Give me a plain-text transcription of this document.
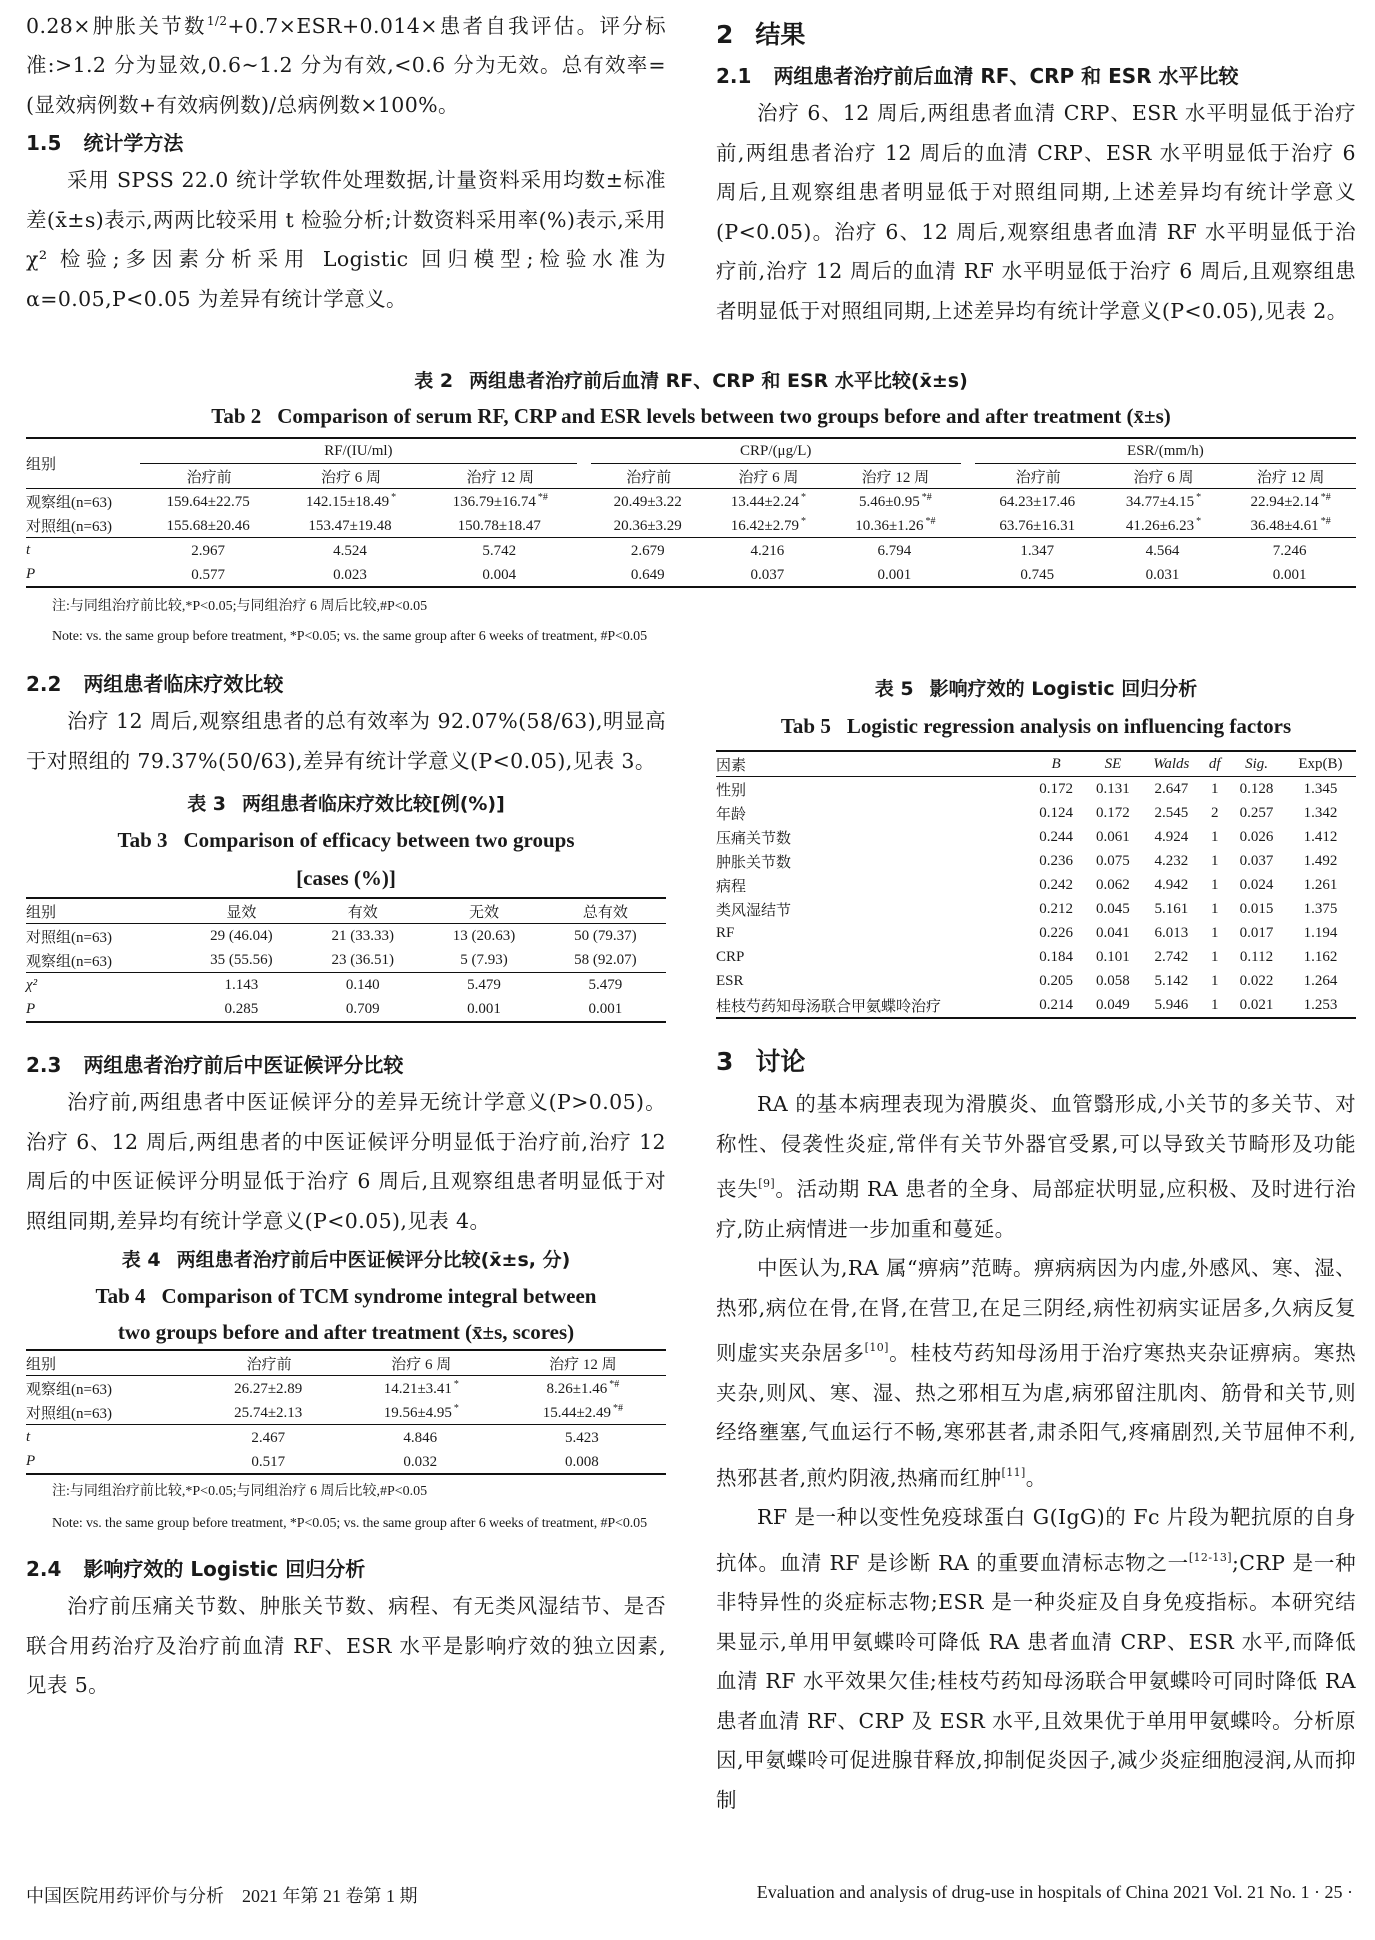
0.28×肿胀关节数$^{1/2}$+0.7×ESR+0.014×患者自我评估。评分标准:>1.2 分为显效,0.6~1.2 分为有效,<0.6 分为无效。总有效率=(显效病例数+有效病例数)/总病例数×100%。

1.5 统计学方法

采用 SPSS 22.0 统计学软件处理数据,计量资料采用均数±标准差(x̄±s)表示,两两比较采用 t 检验分析;计数资料采用率(%)表示,采用 χ² 检验;多因素分析采用 Logistic 回归模型;检验水准为 α=0.05,P<0.05 为差异有统计学意义。

2 结果
2.1 两组患者治疗前后血清 RF、CRP 和 ESR 水平比较

治疗 6、12 周后,两组患者血清 CRP、ESR 水平明显低于治疗前,两组患者治疗 12 周后的血清 CRP、ESR 水平明显低于治疗 6 周后,且观察组患者明显低于对照组同期,上述差异均有统计学意义(P<0.05)。治疗 6、12 周后,观察组患者血清 RF 水平明显低于治疗前,治疗 12 周后的血清 RF 水平明显低于治疗 6 周后,且观察组患者明显低于对照组同期,上述差异均有统计学意义(P<0.05),见表 2。

表 2 两组患者治疗前后血清 RF、CRP 和 ESR 水平比较(x̄±s)

Tab 2 Comparison of serum RF, CRP and ESR levels between two groups before and after treatment (x̄±s)

组别	RF/(IU/ml)				CRP/(μg/L)				ESR/(mm/h)		
	治疗前	治疗 6 周	治疗 12 周		治疗前	治疗 6 周	治疗 12 周		治疗前	治疗 6 周	治疗 12 周
观察组(n=63)	159.64±22.75	142.15±18.49 *	136.79±16.74 *#		20.49±3.22	13.44±2.24 *	5.46±0.95 *#		64.23±17.46	34.77±4.15 *	22.94±2.14 *#
对照组(n=63)	155.68±20.46	153.47±19.48	150.78±18.47		20.36±3.29	16.42±2.79 *	10.36±1.26 *#		63.76±16.31	41.26±6.23 *	36.48±4.61 *#
t	2.967	4.524	5.742		2.679	4.216	6.794		1.347	4.564	7.246
P	0.577	0.023	0.004		0.649	0.037	0.001		0.745	0.031	0.001

注:与同组治疗前比较,*P<0.05;与同组治疗 6 周后比较,#P<0.05

Note: vs. the same group before treatment, *P<0.05; vs. the same group after 6 weeks of treatment, #P<0.05

2.2 两组患者临床疗效比较

治疗 12 周后,观察组患者的总有效率为 92.07%(58/63),明显高于对照组的 79.37%(50/63),差异有统计学意义(P<0.05),见表 3。

表 3 两组患者临床疗效比较[例(%)]

Tab 3 Comparison of efficacy between two groups

[cases (%)]

组别	显效	有效	无效	总有效
对照组(n=63)	29 (46.04)	21 (33.33)	13 (20.63)	50 (79.37)
观察组(n=63)	35 (55.56)	23 (36.51)	5 (7.93)	58 (92.07)
χ²	1.143	0.140	5.479	5.479
P	0.285	0.709	0.001	0.001
2.3 两组患者治疗前后中医证候评分比较

治疗前,两组患者中医证候评分的差异无统计学意义(P>0.05)。治疗 6、12 周后,两组患者的中医证候评分明显低于治疗前,治疗 12 周后的中医证候评分明显低于治疗 6 周后,且观察组患者明显低于对照组同期,差异均有统计学意义(P<0.05),见表 4。

表 4 两组患者治疗前后中医证候评分比较(x̄±s, 分)

Tab 4 Comparison of TCM syndrome integral between

two groups before and after treatment (x̄±s, scores)

组别	治疗前	治疗 6 周	治疗 12 周
观察组(n=63)	26.27±2.89	14.21±3.41 *	8.26±1.46 *#
对照组(n=63)	25.74±2.13	19.56±4.95 *	15.44±2.49 *#
t	2.467	4.846	5.423
P	0.517	0.032	0.008

注:与同组治疗前比较,*P<0.05;与同组治疗 6 周后比较,#P<0.05

Note: vs. the same group before treatment, *P<0.05; vs. the same group after 6 weeks of treatment, #P<0.05

2.4 影响疗效的 Logistic 回归分析

治疗前压痛关节数、肿胀关节数、病程、有无类风湿结节、是否联合用药治疗及治疗前血清 RF、ESR 水平是影响疗效的独立因素,见表 5。

表 5 影响疗效的 Logistic 回归分析

Tab 5 Logistic regression analysis on influencing factors

因素	B	SE	Walds	df	Sig.	Exp(B)
性别	0.172	0.131	2.647	1	0.128	1.345
年龄	0.124	0.172	2.545	2	0.257	1.342
压痛关节数	0.244	0.061	4.924	1	0.026	1.412
肿胀关节数	0.236	0.075	4.232	1	0.037	1.492
病程	0.242	0.062	4.942	1	0.024	1.261
类风湿结节	0.212	0.045	5.161	1	0.015	1.375
RF	0.226	0.041	6.013	1	0.017	1.194
CRP	0.184	0.101	2.742	1	0.112	1.162
ESR	0.205	0.058	5.142	1	0.022	1.264
桂枝芍药知母汤联合甲氨蝶呤治疗	0.214	0.049	5.946	1	0.021	1.253
3 讨论

RA 的基本病理表现为滑膜炎、血管翳形成,小关节的多关节、对称性、侵袭性炎症,常伴有关节外器官受累,可以导致关节畸形及功能丧失[9]。活动期 RA 患者的全身、局部症状明显,应积极、及时进行治疗,防止病情进一步加重和蔓延。

中医认为,RA 属“痹病”范畴。痹病病因为内虚,外感风、寒、湿、热邪,病位在骨,在肾,在营卫,在足三阴经,病性初病实证居多,久病反复则虚实夹杂居多[10]。桂枝芍药知母汤用于治疗寒热夹杂证痹病。寒热夹杂,则风、寒、湿、热之邪相互为虐,病邪留注肌肉、筋骨和关节,则经络壅塞,气血运行不畅,寒邪甚者,肃杀阳气,疼痛剧烈,关节屈伸不利,热邪甚者,煎灼阴液,热痛而红肿[11]。

RF 是一种以变性免疫球蛋白 G(IgG)的 Fc 片段为靶抗原的自身抗体。血清 RF 是诊断 RA 的重要血清标志物之一[12-13];CRP 是一种非特异性的炎症标志物;ESR 是一种炎症及自身免疫指标。本研究结果显示,单用甲氨蝶呤可降低 RA 患者血清 CRP、ESR 水平,而降低血清 RF 水平效果欠佳;桂枝芍药知母汤联合甲氨蝶呤可同时降低 RA 患者血清 RF、CRP 及 ESR 水平,且效果优于单用甲氨蝶呤。分析原因,甲氨蝶呤可促进腺苷释放,抑制促炎因子,减少炎症细胞浸润,从而抑制

中国医院用药评价与分析　2021 年第 21 卷第 1 期	Evaluation and analysis of drug-use in hospitals of China 2021 Vol. 21 No. 1 · 25 ·
